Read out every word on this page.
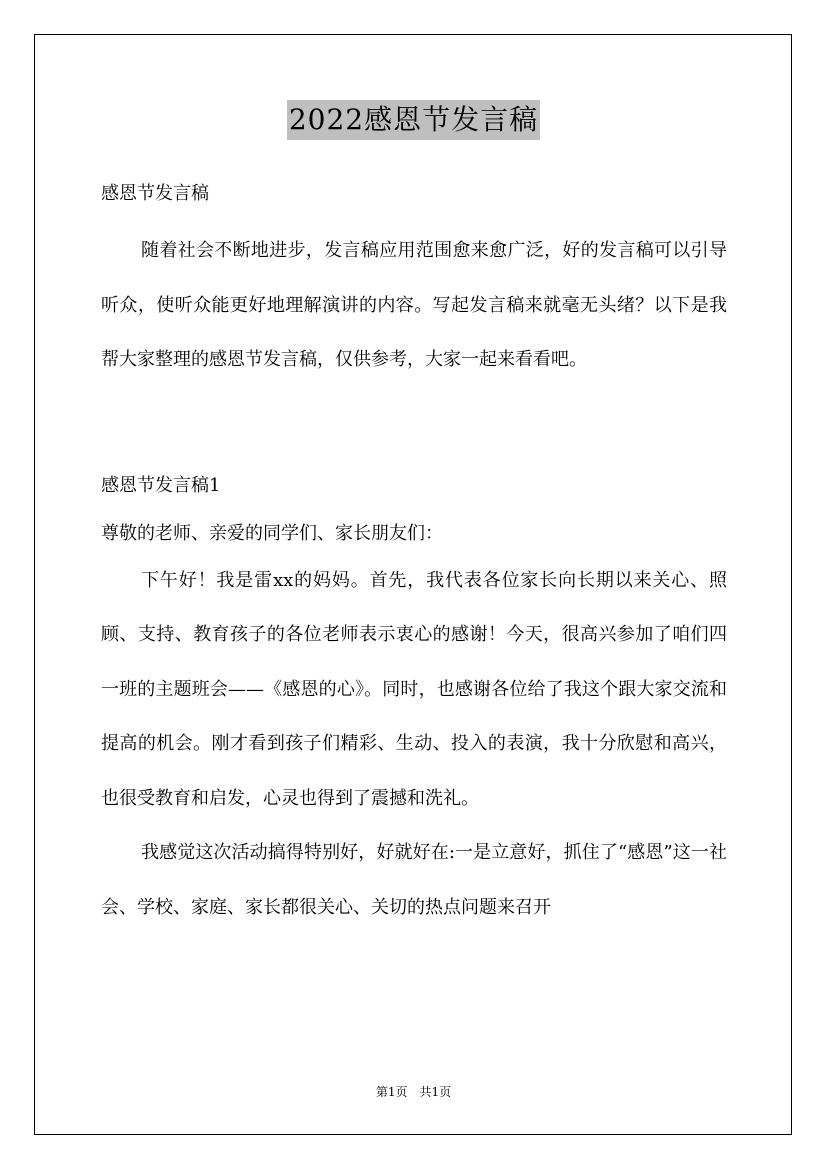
2022感恩节发言稿
感恩节发言稿

随着社会不断地进步，发言稿应用范围愈来愈广泛，好的发言稿可以引导听众，使听众能更好地理解演讲的内容。写起发言稿来就毫无头绪？以下是我帮大家整理的感恩节发言稿，仅供参考，大家一起来看看吧。

感恩节发言稿1
尊敬的老师、亲爱的同学们、家长朋友们：

下午好！我是雷xx的妈妈。首先，我代表各位家长向长期以来关心、照顾、支持、教育孩子的各位老师表示衷心的感谢！今天，很高兴参加了咱们四一班的主题班会——《感恩的心》。同时，也感谢各位给了我这个跟大家交流和提高的机会。刚才看到孩子们精彩、生动、投入的表演，我十分欣慰和高兴，也很受教育和启发，心灵也得到了震撼和洗礼。

我感觉这次活动搞得特别好，好就好在:一是立意好，抓住了“感恩”这一社会、学校、家庭、家长都很关心、关切的热点问题来召开

第1页　共1页
